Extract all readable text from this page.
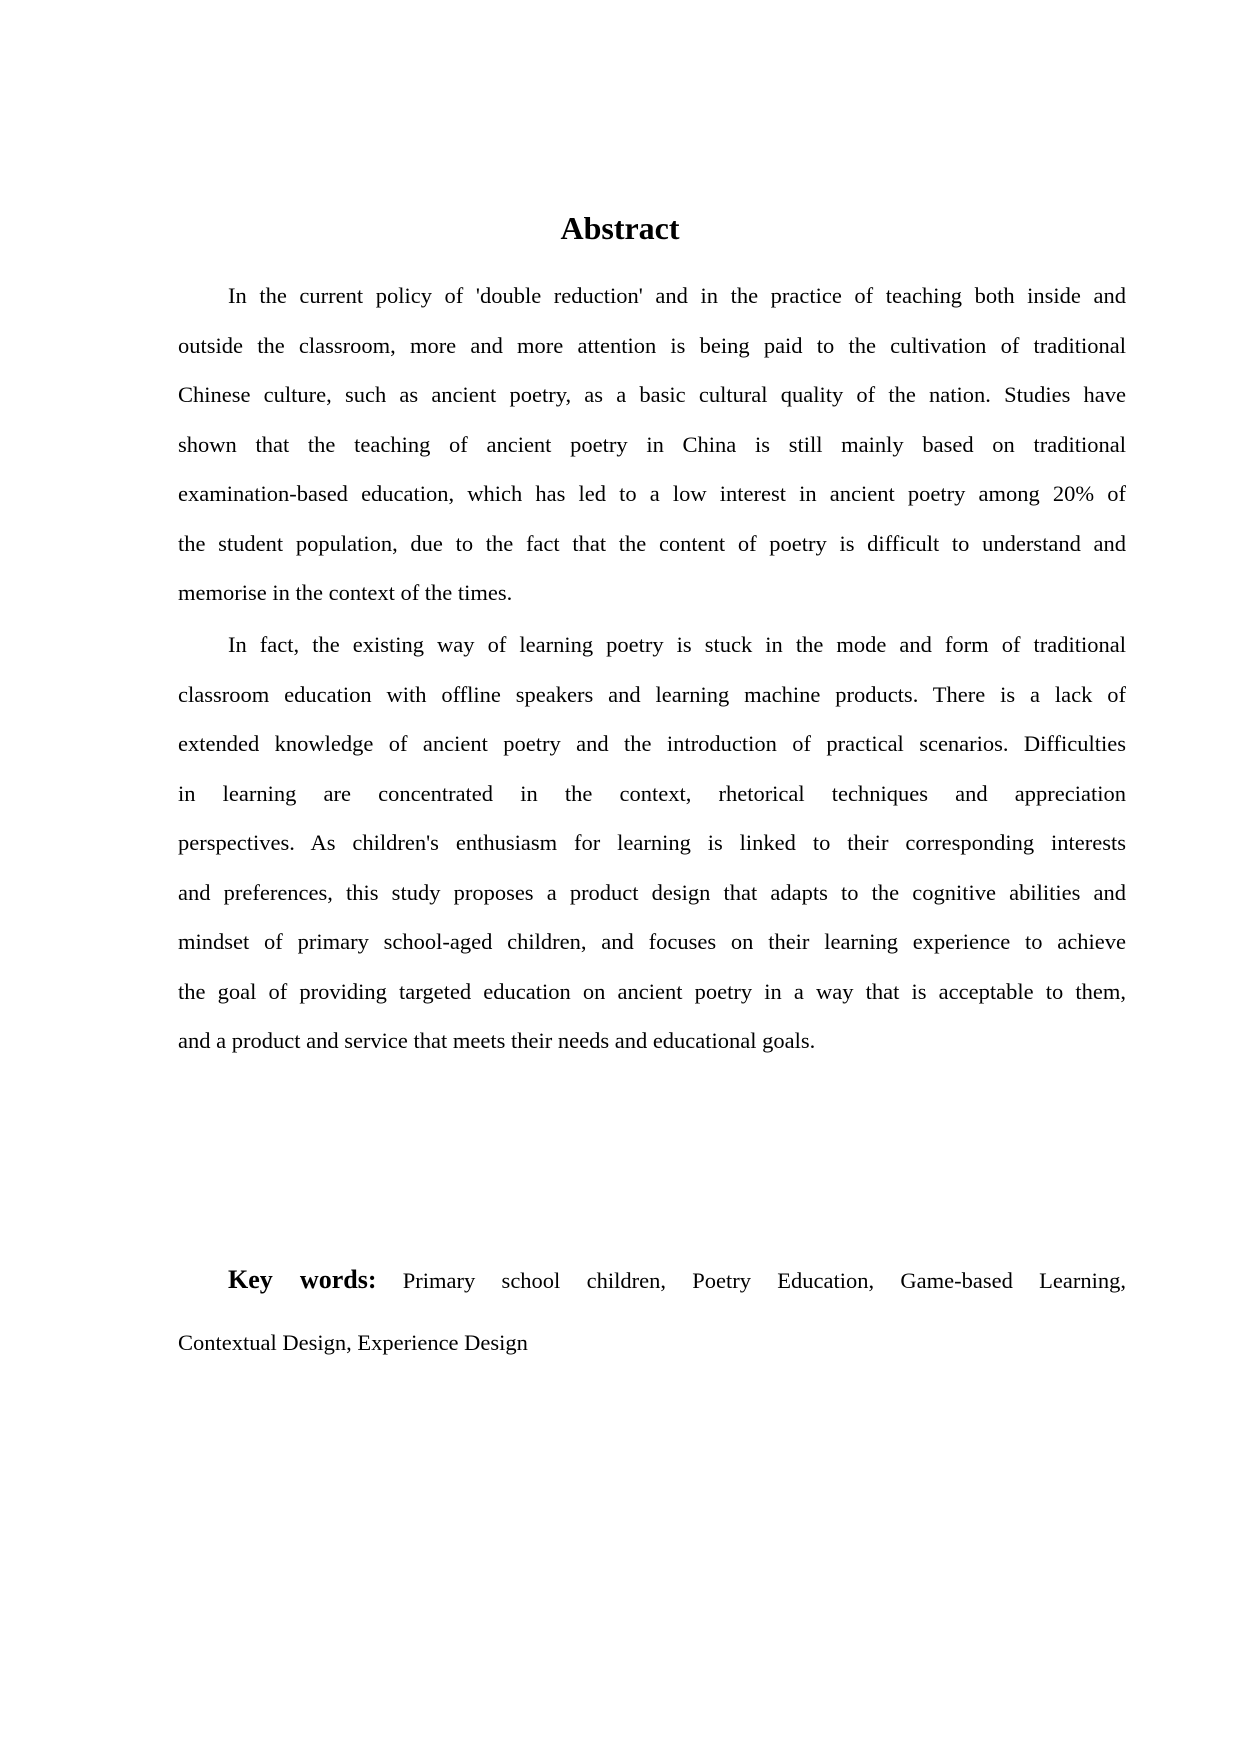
Abstract
In the current policy of 'double reduction' and in the practice of teaching both inside and
outside the classroom, more and more attention is being paid to the cultivation of traditional
Chinese culture, such as ancient poetry, as a basic cultural quality of the nation. Studies have
shown that the teaching of ancient poetry in China is still mainly based on traditional
examination-based education, which has led to a low interest in ancient poetry among 20% of
the student population, due to the fact that the content of poetry is difficult to understand and
memorise in the context of the times.
In fact, the existing way of learning poetry is stuck in the mode and form of traditional
classroom education with offline speakers and learning machine products. There is a lack of
extended knowledge of ancient poetry and the introduction of practical scenarios. Difficulties
in learning are concentrated in the context, rhetorical techniques and appreciation
perspectives. As children's enthusiasm for learning is linked to their corresponding interests
and preferences, this study proposes a product design that adapts to the cognitive abilities and
mindset of primary school-aged children, and focuses on their learning experience to achieve
the goal of providing targeted education on ancient poetry in a way that is acceptable to them,
and a product and service that meets their needs and educational goals.
Key words: Primary school children, Poetry Education, Game-based Learning,
Contextual Design, Experience Design
